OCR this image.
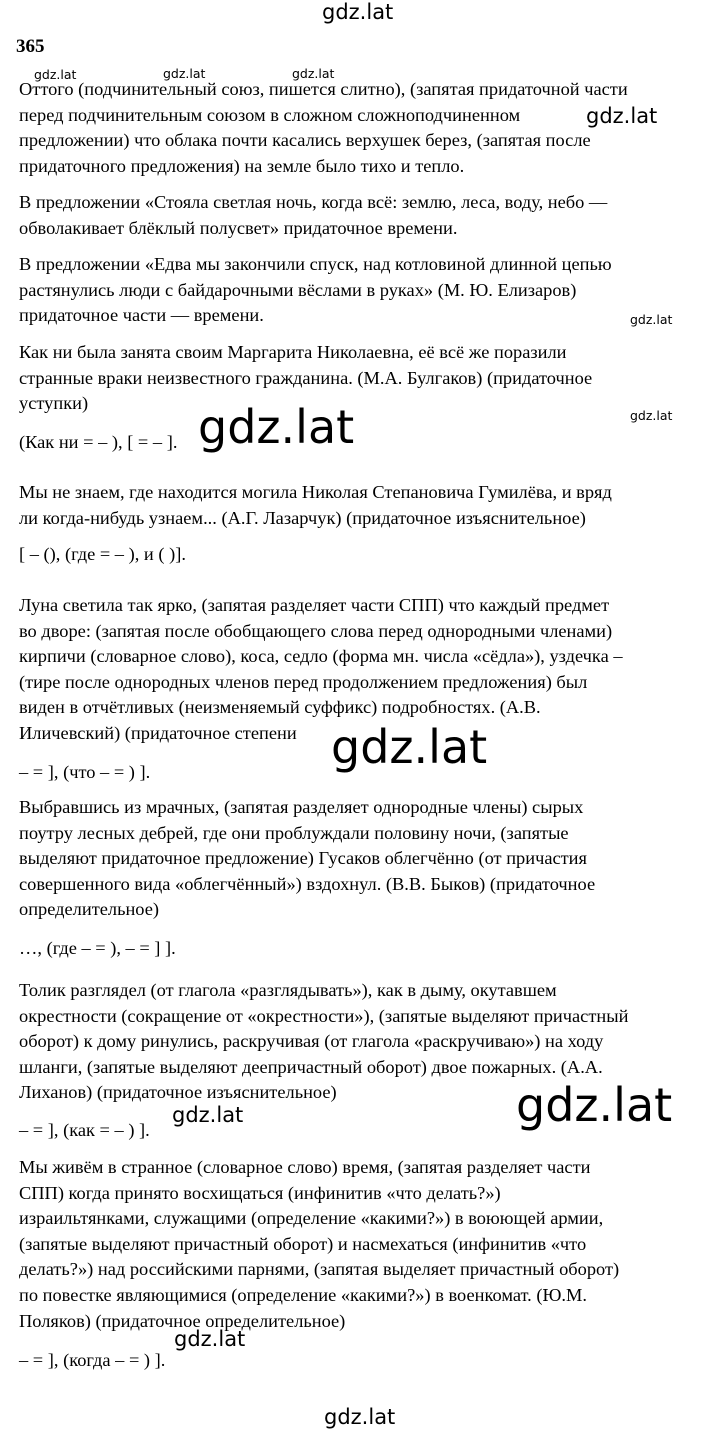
gdz.lat
365
Оттого (подчинительный союз, пишется слитно), (запятая придаточной части
перед подчинительным союзом в сложном сложноподчиненном
предложении) что облака почти касались верхушек берез, (запятая после
придаточного предложения) на земле было тихо и тепло.
В предложении «Стояла светлая ночь, когда всё: землю, леса, воду, небо —
обволакивает блёклый полусвет» придаточное времени.
В предложении «Едва мы закончили спуск, над котловиной длинной цепью
растянулись люди с байдарочными вёслами в руках» (М. Ю. Елизаров)
придаточное части — времени.
Как ни была занята своим Маргарита Николаевна, её всё же поразили
странные враки неизвестного гражданина. (М.А. Булгаков) (придаточное
уступки)
(Как ни = – ), [ = – ].
Мы не знаем, где находится могила Николая Степановича Гумилёва, и вряд
ли когда-нибудь узнаем... (А.Г. Лазарчук) (придаточное изъяснительное)
[ – (), (где = – ), и ( )].
Луна светила так ярко, (запятая разделяет части СПП) что каждый предмет
во дворе: (запятая после обобщающего слова перед однородными членами)
кирпичи (словарное слово), коса, седло (форма мн. числа «сёдла»), уздечка –
(тире после однородных членов перед продолжением предложения) был
виден в отчётливых (неизменяемый суффикс) подробностях. (А.В.
Иличевский) (придаточное степени
– = ], (что – = ) ].
Выбравшись из мрачных, (запятая разделяет однородные члены) сырых
поутру лесных дебрей, где они проблуждали половину ночи, (запятые
выделяют придаточное предложение) Гусаков облегчённо (от причастия
совершенного вида «облегчённый») вздохнул. (В.В. Быков) (придаточное
определительное)
…, (где – = ), – = ] ].
Толик разглядел (от глагола «разглядывать»), как в дыму, окутавшем
окрестности (сокращение от «окрестности»), (запятые выделяют причастный
оборот) к дому ринулись, раскручивая (от глагола «раскручиваю») на ходу
шланги, (запятые выделяют деепричастный оборот) двое пожарных. (А.А.
Лиханов) (придаточное изъяснительное)
– = ], (как = – ) ].
Мы живём в странное (словарное слово) время, (запятая разделяет части
СПП) когда принято восхищаться (инфинитив «что делать?»)
израильтянками, служащими (определение «какими?») в воюющей армии,
(запятые выделяют причастный оборот) и насмехаться (инфинитив «что
делать?») над российскими парнями, (запятая выделяет причастный оборот)
по повестке являющимися (определение «какими?») в военкомат. (Ю.М.
Поляков) (придаточное определительное)
– = ], (когда – = ) ].
gdz.lat	gdz.lat	gdz.lat
gdz.lat
gdz.lat
gdz.lat
gdz.lat
gdz.lat
gdz.lat	gdz.lat
gdz.lat
gdz.lat
